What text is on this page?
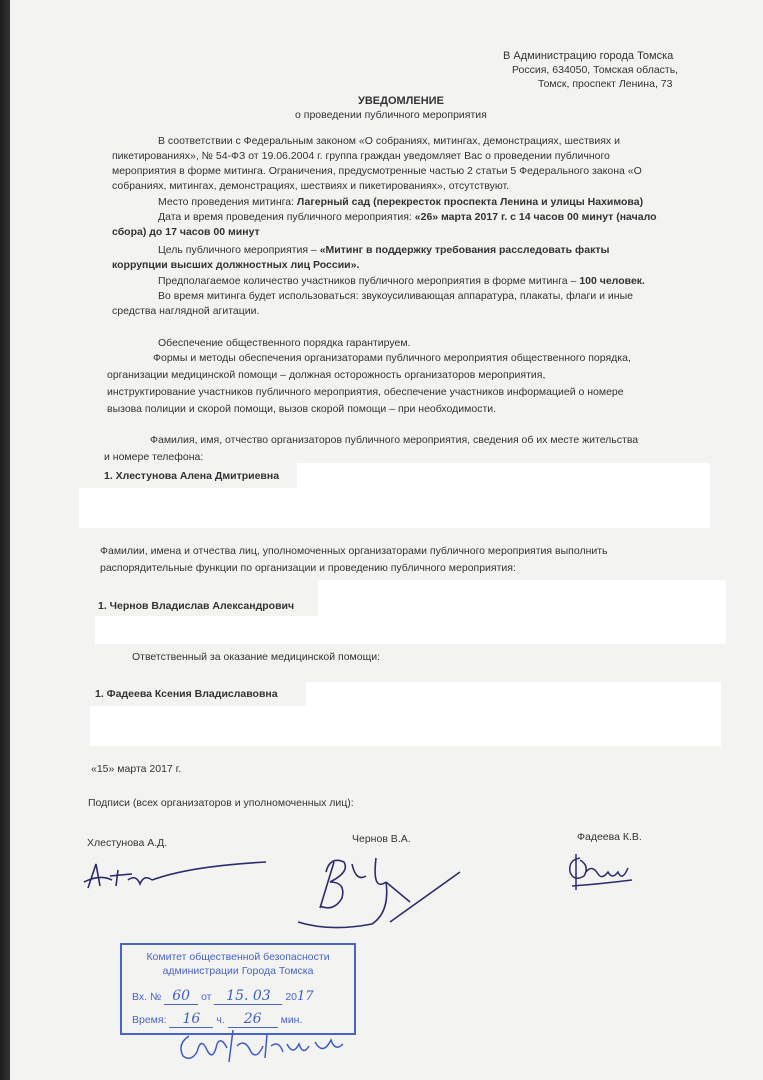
В Администрацию города Томска
Россия, 634050, Томская область,
Томск, проспект Ленина, 73
УВЕДОМЛЕНИЕ
о проведении публичного мероприятия
В соответствии с Федеральным законом «О собраниях, митингах, демонстрациях, шествиях и
пикетированиях», № 54-ФЗ от 19.06.2004 г. группа граждан уведомляет Вас о проведении публичного
мероприятия в форме митинга. Ограничения, предусмотренные частью 2 статьи 5 Федерального закона «О
собраниях, митингах, демонстрациях, шествиях и пикетированиях», отсутствуют.
Место проведения митинга: Лагерный сад (перекресток проспекта Ленина и улицы Нахимова)
Дата и время проведения публичного мероприятия: «26» марта 2017 г. с 14 часов 00 минут (начало
сбора) до 17 часов 00 минут
Цель публичного мероприятия – «Митинг в поддержку требования расследовать факты
коррупции высших должностных лиц России».
Предполагаемое количество участников публичного мероприятия в форме митинга – 100 человек.
Во время митинга будет использоваться: звукоусиливающая аппаратура, плакаты, флаги и иные
средства наглядной агитации.
Обеспечение общественного порядка гарантируем.
Формы и методы обеспечения организаторами публичного мероприятия общественного порядка,
организации медицинской помощи – должная осторожность организаторов мероприятия,
инструктирование участников публичного мероприятия, обеспечение участников информацией о номере
вызова полиции и скорой помощи, вызов скорой помощи – при необходимости.
Фамилия, имя, отчество организаторов публичного мероприятия, сведения об их месте жительства
и номере телефона:
1. Хлестунова Алена Дмитриевна
Фамилии, имена и отчества лиц, уполномоченных организаторами публичного мероприятия выполнить
распорядительные функции по организации и проведению публичного мероприятия:
1. Чернов Владислав Александрович
Ответственный за оказание медицинской помощи:
1. Фадеева Ксения Владиславовна
«15» марта 2017 г.
Подписи (всех организаторов и уполномоченных лиц):
Хлестунова А.Д.	Чернов В.А.	Фадеева К.В.
Комитет общественной безопасности
администрации Города Томска
Вх. № 60 от 15. 03 2017
Время: 16 ч. 26 мин.
